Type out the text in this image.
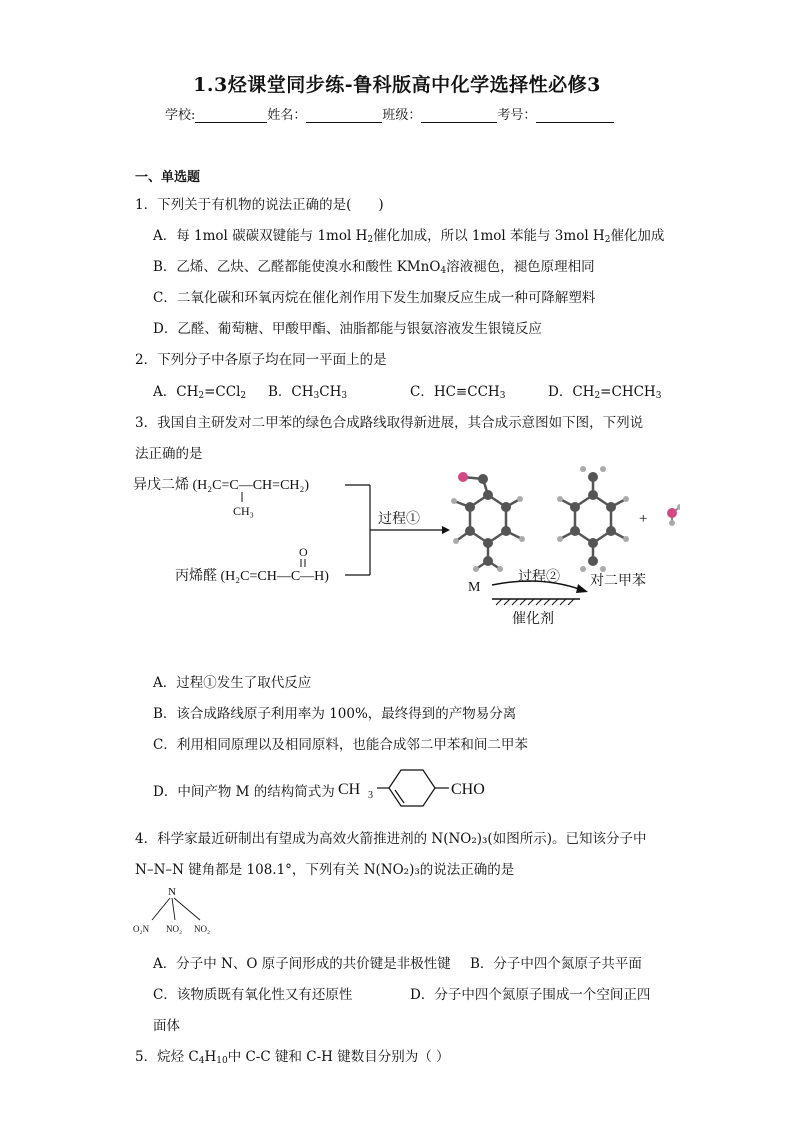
1.3烃课堂同步练-鲁科版高中化学选择性必修3
学校:	姓名：	班级：	考号：
一、单选题
1．下列关于有机物的说法正确的是(　　)
A．每 1mol 碳碳双键能与 1mol $H_2$催化加成，所以 1mol 苯能与 3mol $H_2$催化加成
B．乙烯、乙炔、乙醛都能使溴水和酸性 KMnO$_4$溶液褪色，褪色原理相同
C．二氧化碳和环氧丙烷在催化剂作用下发生加聚反应生成一种可降解塑料
D．乙醛、葡萄糖、甲酸甲酯、油脂都能与银氨溶液发生银镜反应
2．下列分子中各原子均在同一平面上的是
A．$CH_2=CCl_2$ B．$CH_3CH_3$	C．$HC\equiv CCH_3$	D．$CH_2=CHCH_3$
3．我国自主研发对二甲苯的绿色合成路线取得新进展，其合成示意图如下图，下列说
法正确的是
异戊二烯 (H₂C=C—CH=CH₂)
CH₃
丙烯醛 (H₂C=CH—C—H)
O
过程①	+
M
过程② 对二甲苯
催化剂
A．过程①发生了取代反应
B．该合成路线原子利用率为 100%，最终得到的产物易分离
C．利用相同原理以及相同原料，也能合成邻二甲苯和间二甲苯
D．中间产物 M 的结构简式为 CH 3	CHO
4．科学家最近研制出有望成为高效火箭推进剂的 N(NO₂)₃(如图所示)。已知该分子中
N–N–N 键角都是 108.1°，下列有关 N(NO₂)₃的说法正确的是
N
O₂N NO₂ NO₂
A．分子中 N、O 原子间形成的共价键是非极性键 B．分子中四个氮原子共平面
C．该物质既有氧化性又有还原性	D．分子中四个氮原子围成一个空间正四
面体
5．烷烃 $C_4H_{10}$中 C-C 键和 C-H 键数目分别为（ ）
